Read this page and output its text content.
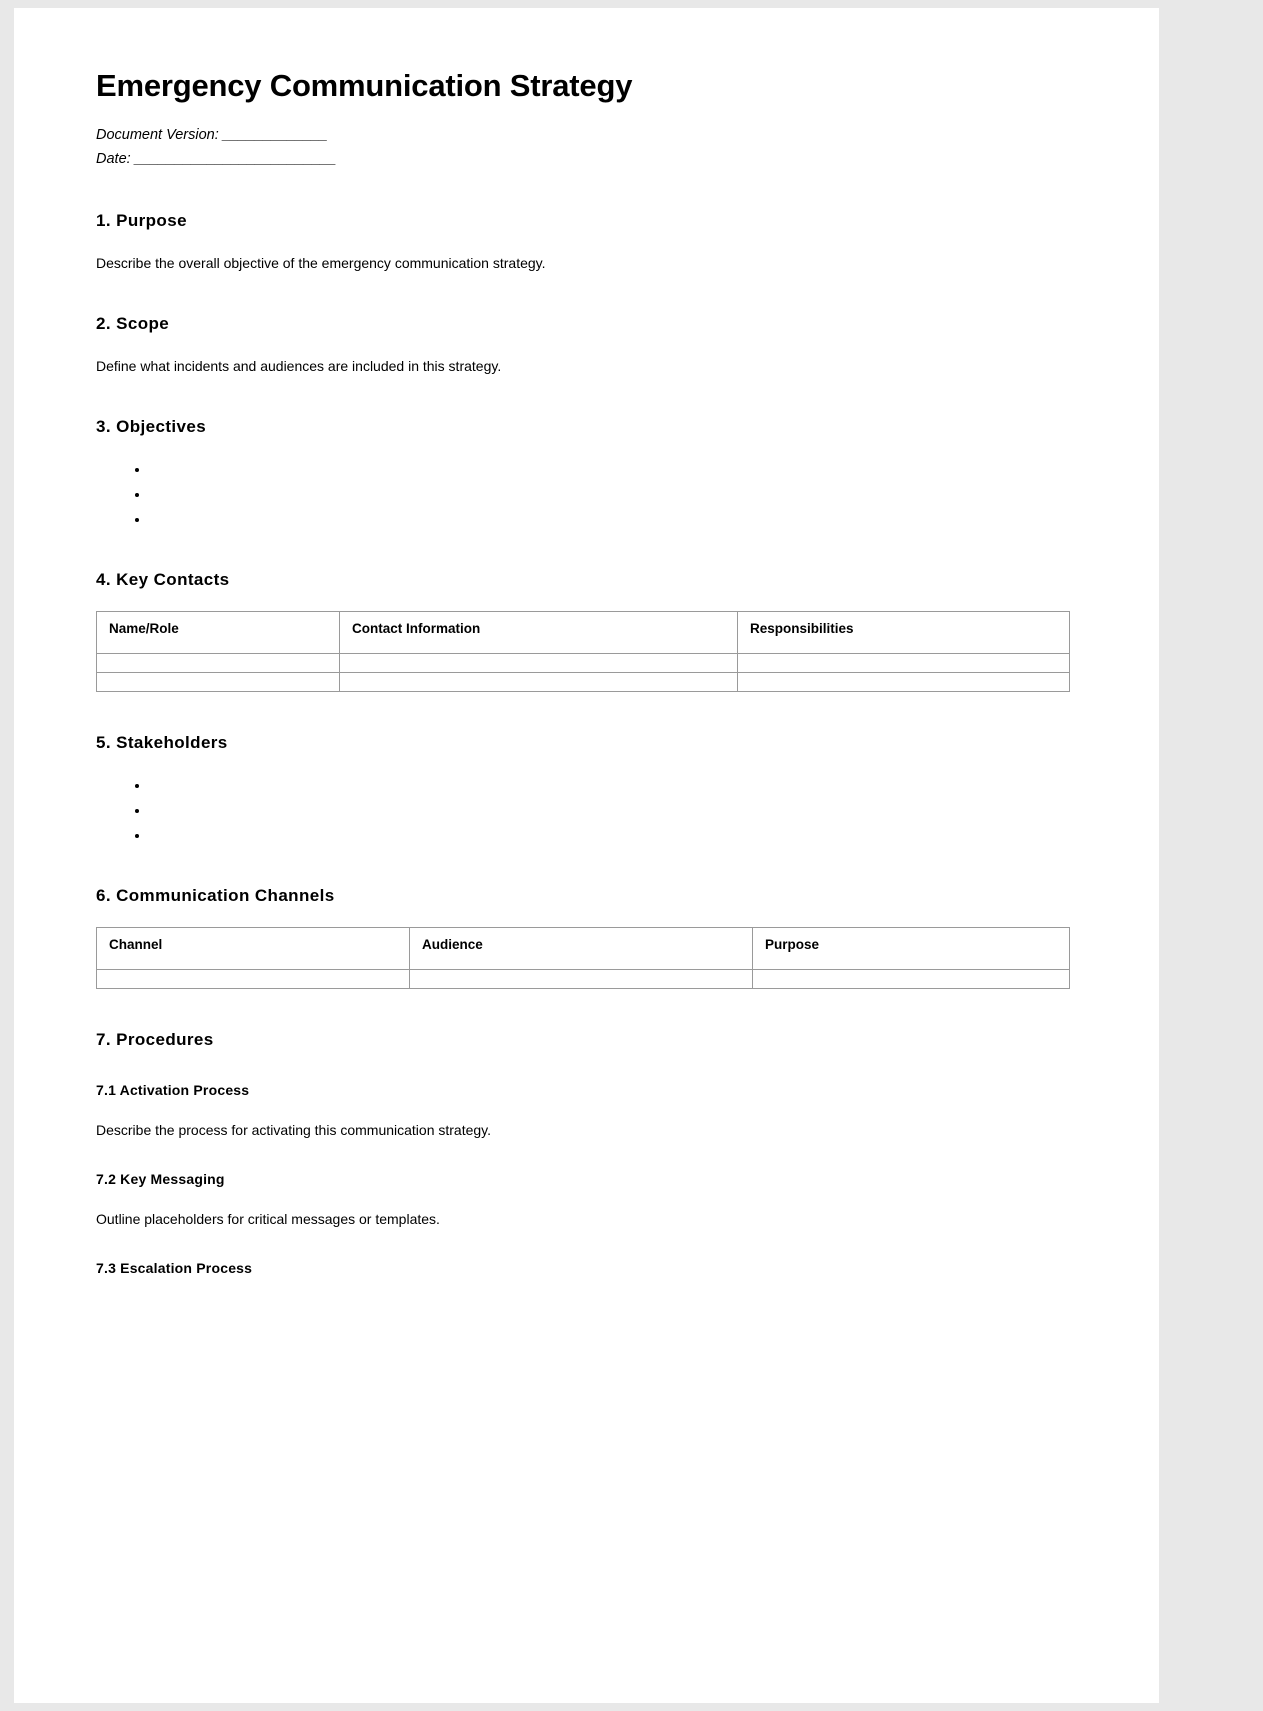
Emergency Communication Strategy
Document Version: _____________
Date: _________________________
1. Purpose

Describe the overall objective of the emergency communication strategy.

2. Scope

Define what incidents and audiences are included in this strategy.

3. Objectives
•
•
•
4. Key Contacts
Name/Role	Contact Information	Responsibilities

5. Stakeholders
•
•
•
6. Communication Channels
Channel	Audience	Purpose

7. Procedures
7.1 Activation Process

Describe the process for activating this communication strategy.

7.2 Key Messaging

Outline placeholders for critical messages or templates.

7.3 Escalation Process
